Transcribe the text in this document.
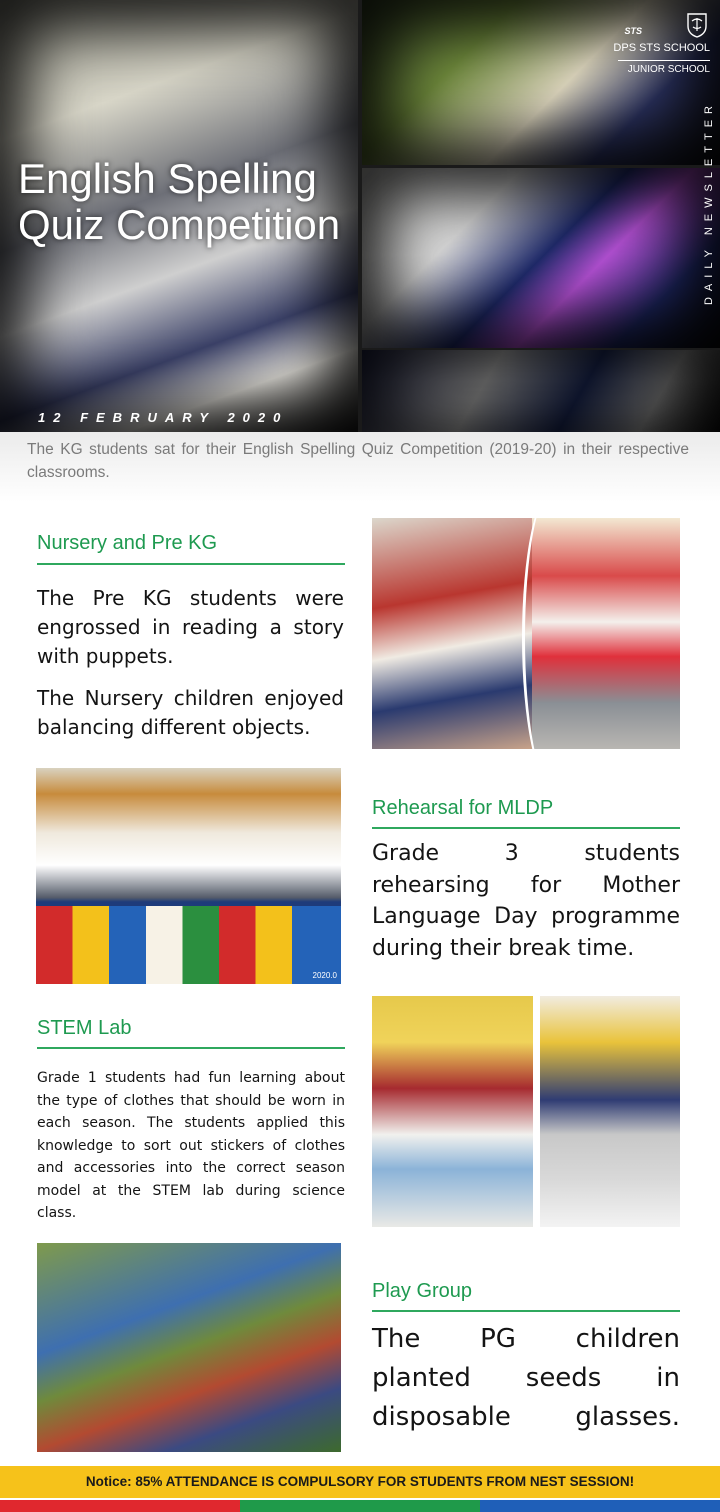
English Spelling
Quiz Competition
12 FEBRUARY 2020
STS
DPS STS SCHOOL
JUNIOR SCHOOL
DAILY NEWSLETTER
The KG students sat for their English Spelling Quiz Competition (2019-20) in their respective classrooms.
Nursery and Pre KG
The Pre KG students were engrossed in reading a story with puppets.
The Nursery children enjoyed balancing different objects.
2020.0
Rehearsal for MLDP
Grade 3 students rehearsing for Mother Language Day programme during their break time.
STEM Lab
Grade 1 students had fun learning about the type of clothes that should be worn in each season. The students applied this knowledge to sort out stickers of clothes and accessories into the correct season model at the STEM lab during science class.
Play Group
The PG children planted seeds in disposable glasses.
Notice: 85% ATTENDANCE IS COMPULSORY FOR STUDENTS FROM NEST SESSION!
